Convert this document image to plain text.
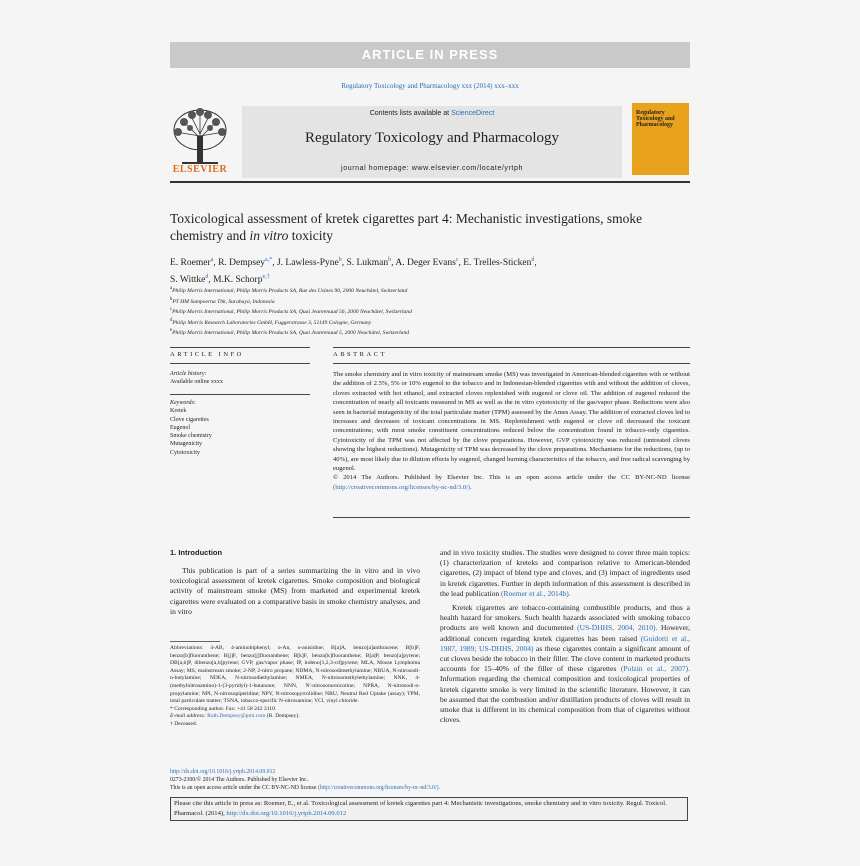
ARTICLE IN PRESS
Regulatory Toxicology and Pharmacology xxx (2014) xxx–xxx
ELSEVIER
Contents lists available at ScienceDirect
Regulatory Toxicology and Pharmacology
journal homepage: www.elsevier.com/locate/yrtph
Regulatory Toxicology and Pharmacology
Toxicological assessment of kretek cigarettes part 4: Mechanistic investigations, smoke chemistry and in vitro toxicity
E. Roemer$^a$, R. Dempsey$^{a,*}$, J. Lawless-Pyne$^b$, S. Lukman$^b$, A. Deger Evans$^c$, E. Trelles-Sticken$^d$,
S. Wittke$^d$, M.K. Schorp$^{e,\dagger}$
$^a$Philip Morris International, Philip Morris Products SA, Rue des Usines 90, 2000 Neuchâtel, Switzerland
$^b$PT HM Sampoerna Tbk, Surabaya, Indonesia
$^c$Philip Morris International, Philip Morris Products SA, Quai Jeanrenaud 56, 2000 Neuchâtel, Switzerland
$^d$Philip Morris Research Laboratories GmbH, Fuggerstrasse 3, 51149 Cologne, Germany
$^e$Philip Morris International, Philip Morris Products SA, Quai Jeanrenaud 5, 2000 Neuchâtel, Switzerland
ARTICLE INFO	ABSTRACT
Article history:
Available online xxxx
Keywords:
Kretek
Clove cigarettes
Eugenol
Smoke chemistry
Mutagenicity
Cytotoxicity
The smoke chemistry and in vitro toxicity of mainstream smoke (MS) was investigated in American-blended cigarettes with or without the addition of 2.5%, 5% or 10% eugenol to the tobacco and in Indonesian-blended cigarettes with and without the addition of cloves, cloves extracted with hot ethanol, and extracted cloves replenished with eugenol or clove oil. The addition of eugenol reduced the concentration of nearly all toxicants measured in MS as well as the in vitro cytotoxicity of the gas/vapor phase. Reductions were also seen in bacterial mutagenicity of the total particulate matter (TPM) assessed by the Ames Assay. The addition of extracted cloves led to increases and decreases of toxicant concentrations in MS. Replenishment with eugenol or clove oil decreased the toxicant concentrations; with most smoke constituent concentrations reduced below the concentration found in tobacco-only cigarettes. Cytotoxicity of the TPM was not affected by the clove preparations. However, GVP cytotoxicity was reduced (untreated cloves showing the highest reductions). Mutagenicity of TPM was decreased by the clove preparations. Mechanisms for the reductions, (up to 40%), are most likely due to dilution effects by eugenol, changed burning characteristics of the tobacco, and free radical scavenging by eugenol.
© 2014 The Authors. Published by Elsevier Inc. This is an open access article under the CC BY-NC-ND license (http://creativecommons.org/licenses/by-nc-nd/3.0/).
1. Introduction
This publication is part of a series summarizing the in vitro and in vivo toxicological assessment of kretek cigarettes. Smoke composition and biological activity of mainstream smoke (MS) from marketed and experimental kretek cigarettes were evaluated on a comparative basis in smoke chemistry analyses, and in vitro

and in vivo toxicity studies. The studies were designed to cover three main topics: (1) characterization of kreteks and comparison relative to American-blended cigarettes, (2) impact of blend type and cloves, and (3) impact of ingredients used in kretek cigarettes. Further in depth information of this assessment is described in the lead publication (Roemer et al., 2014b).

Kretek cigarettes are tobacco-containing combustible products, and thus a health hazard for smokers. Such health hazards associated with smoking tobacco products are well known and documented (US-DHHS, 2004, 2010). However, additional concern regarding kretek cigarettes has been raised (Guidotti et al., 1987, 1989; US-DHHS, 2004) as these cigarettes contain a significant amount of cut cloves beside the tobacco in their filler. The clove content in marketed products accounts for 15–40% of the filler of these cigarettes (Polzin et al., 2007). Information regarding the chemical composition and toxicological properties of kretek cigarette smoke is very limited in the scientific literature. However, it can be assumed that the combustion and/or distillation products of cloves will result in smoke that is different in its chemical composition from that of cigarettes without cloves.

Abbreviations: 4-AB, 4-aminobiphenyl; o-An, o-anisidine; B[a]A, benzo[a]anthracene; B[b]F, benzo[b]fluoranthene; B[j]F, benzo[j]fluoranthene; B[k]F, benzo[k]fluoranthene; B[a]P, benzo[a]pyrene; DB[a,h]P, dibenzo[a,h]pyrene; GVP, gas/vapor phase; IP, indeno[1,2,3-cd]pyrene; MLA, Mouse Lymphoma Assay; MS, mainstream smoke; 2-NP, 2-nitro propane; NDMA, N-nitrosodimethylamine; NBUA, N-nitrosodi-n-butylamine; NDEA, N-nitrosodiethylamine; NMEA, N-nitrosomethylethylamine; NNK, 4-(methylnitrosamino)-1-(3-pyridyl)-1-butanone; NNN, N'-nitrosonornicotine; NPRA, N-nitrosodi-n-propylamine; NPI, N-nitrosopiperidine; NPY, N-nitrosopyrrolidine; NRU, Neutral Red Uptake (assay); TPM, total particulate matter; TSNA, tobacco-specific N-nitrosamine; VCl, vinyl chloride.

* Corresponding author. Fax: +41 58 242 3110.

E-mail address: Ruth.Dempsey@pmi.com (R. Dempsey).

† Deceased.

http://dx.doi.org/10.1016/j.yrtph.2014.09.012
0273-2300/© 2014 The Authors. Published by Elsevier Inc.
This is an open access article under the CC BY-NC-ND license (http://creativecommons.org/licenses/by-nc-nd/3.0/).
Please cite this article in press as: Roemer, E., et al. Toxicological assessment of kretek cigarettes part 4: Mechanistic investigations, smoke chemistry and in vitro toxicity. Regul. Toxicol. Pharmacol. (2014), http://dx.doi.org/10.1016/j.yrtph.2014.09.012
